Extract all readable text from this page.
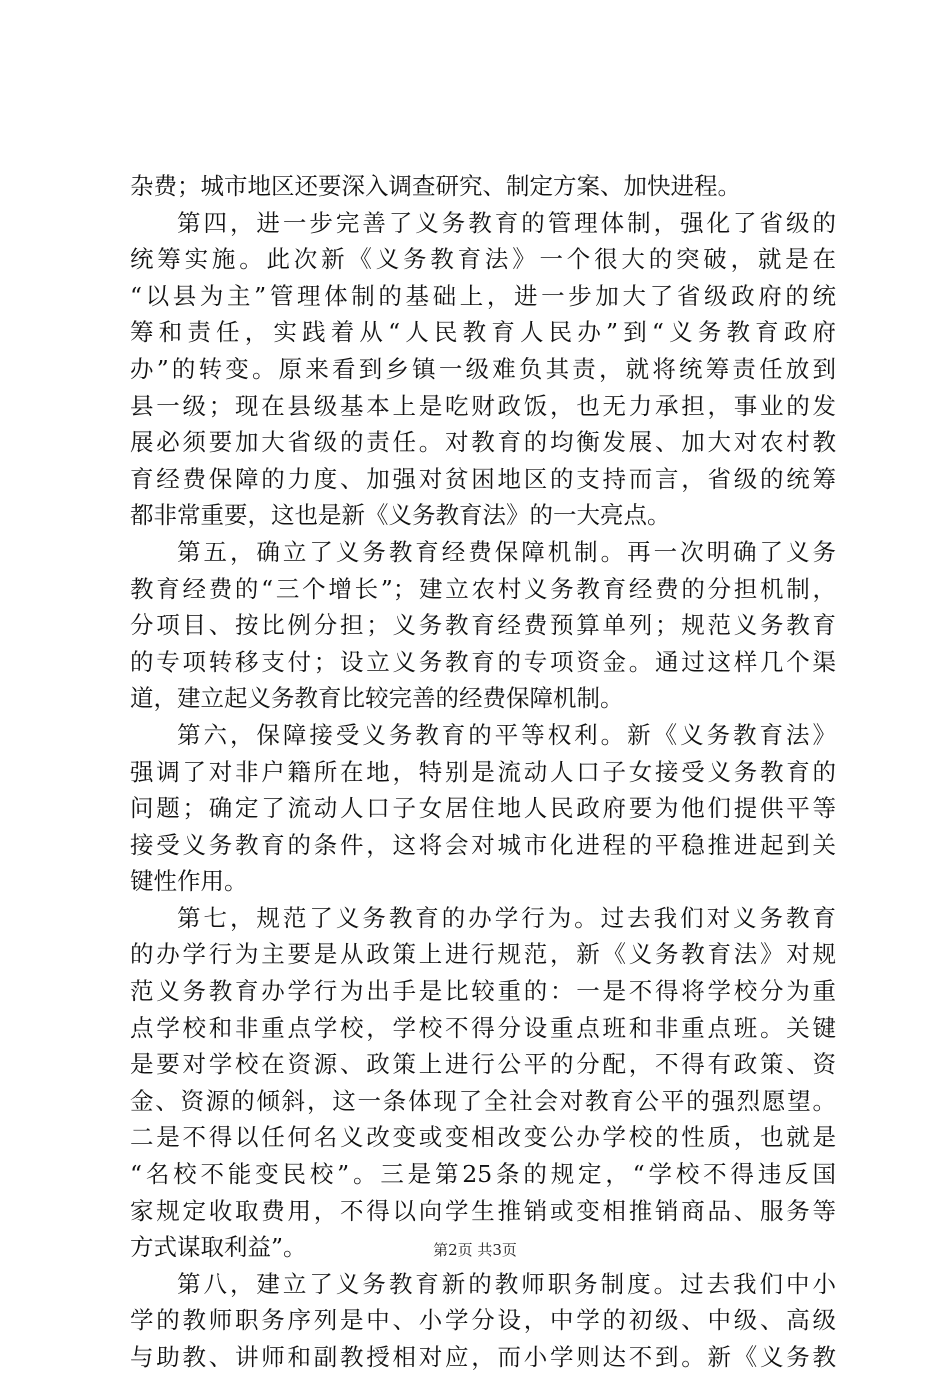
杂费；城市地区还要深入调查研究、制定方案、加快进程。
第四，进一步完善了义务教育的管理体制，强化了省级的
统筹实施。此次新《义务教育法》一个很大的突破，就是在
“以县为主”管理体制的基础上，进一步加大了省级政府的统
筹和责任，实践着从“人民教育人民办”到“义务教育政府
办”的转变。原来看到乡镇一级难负其责，就将统筹责任放到
县一级；现在县级基本上是吃财政饭，也无力承担，事业的发
展必须要加大省级的责任。对教育的均衡发展、加大对农村教
育经费保障的力度、加强对贫困地区的支持而言，省级的统筹
都非常重要，这也是新《义务教育法》的一大亮点。
第五，确立了义务教育经费保障机制。再一次明确了义务
教育经费的“三个增长”；建立农村义务教育经费的分担机制，
分项目、按比例分担；义务教育经费预算单列；规范义务教育
的专项转移支付；设立义务教育的专项资金。通过这样几个渠
道，建立起义务教育比较完善的经费保障机制。
第六，保障接受义务教育的平等权利。新《义务教育法》
强调了对非户籍所在地，特别是流动人口子女接受义务教育的
问题；确定了流动人口子女居住地人民政府要为他们提供平等
接受义务教育的条件，这将会对城市化进程的平稳推进起到关
键性作用。
第七，规范了义务教育的办学行为。过去我们对义务教育
的办学行为主要是从政策上进行规范，新《义务教育法》对规
范义务教育办学行为出手是比较重的：一是不得将学校分为重
点学校和非重点学校，学校不得分设重点班和非重点班。关键
是要对学校在资源、政策上进行公平的分配，不得有政策、资
金、资源的倾斜，这一条体现了全社会对教育公平的强烈愿望。
二是不得以任何名义改变或变相改变公办学校的性质，也就是
“名校不能变民校”。三是第25条的规定，“学校不得违反国
家规定收取费用，不得以向学生推销或变相推销商品、服务等
方式谋取利益”。
第八，建立了义务教育新的教师职务制度。过去我们中小
学的教师职务序列是中、小学分设，中学的初级、中级、高级
与助教、讲师和副教授相对应，而小学则达不到。新《义务教
第2页 共3页
